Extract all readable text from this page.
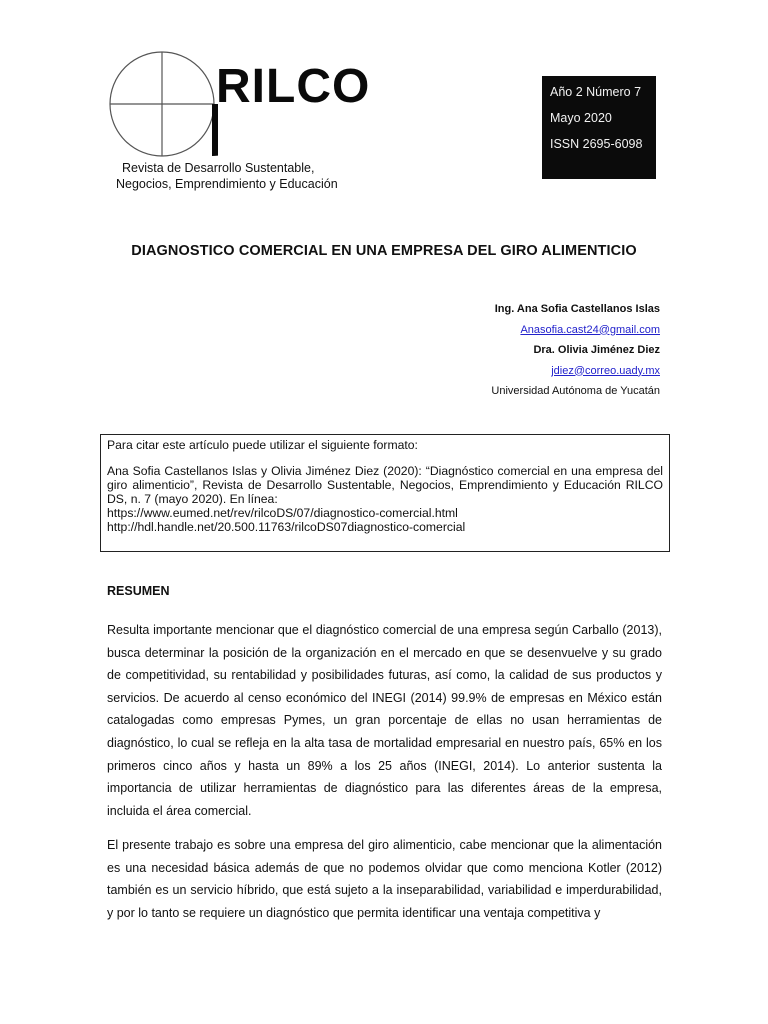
RILCO
Revista de Desarrollo Sustentable,
Negocios, Emprendimiento y Educación
Año 2 Número 7
Mayo 2020
ISSN 2695-6098
DIAGNOSTICO COMERCIAL EN UNA EMPRESA DEL GIRO ALIMENTICIO
Ing. Ana Sofia Castellanos Islas
Anasofia.cast24@gmail.com
Dra. Olivia Jiménez Diez
jdiez@correo.uady.mx
Universidad Autónoma de Yucatán

Para citar este artículo puede utilizar el siguiente formato:

Ana Sofia Castellanos Islas y Olivia Jiménez Diez (2020): “Diagnóstico comercial en una empresa del giro alimenticio”, Revista de Desarrollo Sustentable, Negocios, Emprendimiento y Educación RILCO DS, n. 7 (mayo 2020). En línea:

https://www.eumed.net/rev/rilcoDS/07/diagnostico-comercial.html

http://hdl.handle.net/20.500.11763/rilcoDS07diagnostico-comercial

RESUMEN

Resulta importante mencionar que el diagnóstico comercial de una empresa según Carballo (2013), busca determinar la posición de la organización en el mercado en que se desenvuelve y su grado de competitividad, su rentabilidad y posibilidades futuras, así como, la calidad de sus productos y servicios. De acuerdo al censo económico del INEGI (2014) 99.9% de empresas en México están catalogadas como empresas Pymes, un gran porcentaje de ellas no usan herramientas de diagnóstico, lo cual se refleja en la alta tasa de mortalidad empresarial en nuestro país, 65% en los primeros cinco años y hasta un 89% a los 25 años (INEGI, 2014). Lo anterior sustenta la importancia de utilizar herramientas de diagnóstico para las diferentes áreas de la empresa, incluida el área comercial.

El presente trabajo es sobre una empresa del giro alimenticio, cabe mencionar que la alimentación es una necesidad básica además de que no podemos olvidar que como menciona Kotler (2012) también es un servicio híbrido, que está sujeto a la inseparabilidad, variabilidad e imperdurabilidad, y por lo tanto se requiere un diagnóstico que permita identificar una ventaja competitiva y
